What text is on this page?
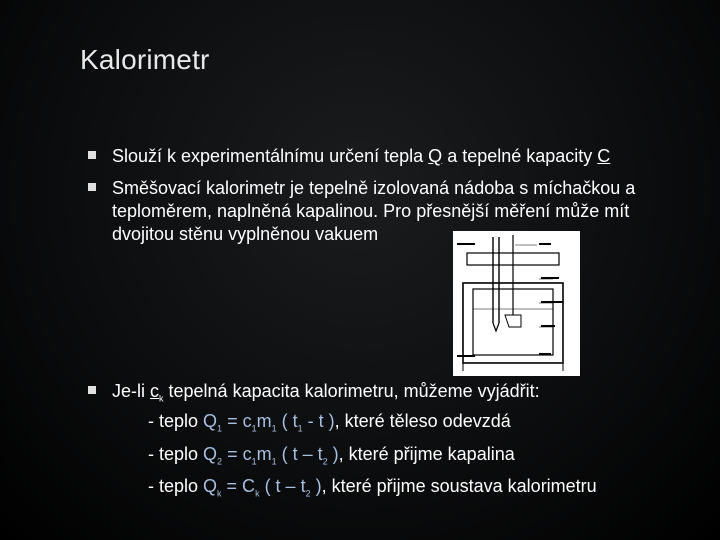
Kalorimetr
Slouží k experimentálnímu určení tepla Q a tepelné kapacity C
Směšovací kalorimetr je tepelně izolovaná nádoba s míchačkou a teploměrem, naplněná kapalinou. Pro přesnější měření může mít dvojitou stěnu vyplněnou vakuem
Je-li $c_k$ tepelná kapacita kalorimetru, můžeme vyjádřit:
- teplo $Q_1 = c_1m_1$ ( $t_1$ - t ), které těleso odevzdá
- teplo $Q_2 = c_1m_1$ ( t – $t_2$ ), které přijme kapalina
- teplo $Q_k = C_k$ ( t – $t_2$ ), které přijme soustava kalorimetru
